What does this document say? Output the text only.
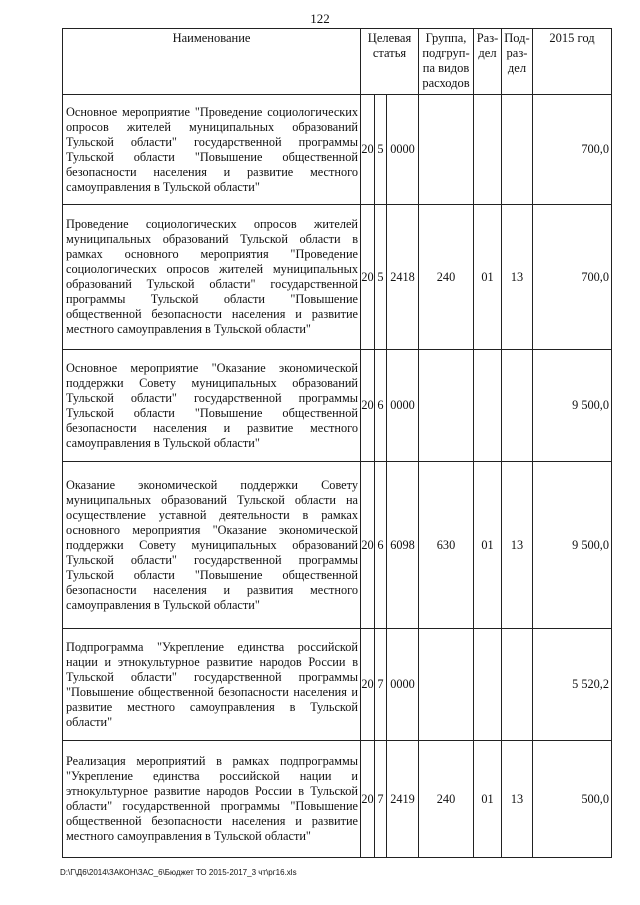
122
Наименование	Целевая статья			Группа, подгруп-па видов расходов	Раз-дел	Под-раз-дел	2015 год
Основное мероприятие "Проведение социологических опросов жителей муниципальных образований Тульской области" государственной программы Тульской области "Повышение общественной безопасности населения и развитие местного самоуправления в Тульской области"	20	5	0000				700,0
Проведение социологических опросов жителей муниципальных образований Тульской области в рамках основного мероприятия "Проведение социологических опросов жителей муниципальных образований Тульской области" государственной программы Тульской области "Повышение общественной безопасности населения и развитие местного самоуправления в Тульской области"	20	5	2418	240	01	13	700,0
Основное мероприятие "Оказание экономической поддержки Совету муниципальных образований Тульской области" государственной программы Тульской области "Повышение общественной безопасности населения и развитие местного самоуправления в Тульской области"	20	6	0000				9 500,0
Оказание экономической поддержки Совету муниципальных образований Тульской области на осуществление уставной деятельности в рамках основного мероприятия "Оказание экономической поддержки Совету муниципальных образований Тульской области" государственной программы Тульской области "Повышение общественной безопасности населения и развития местного самоуправления в Тульской области"	20	6	6098	630	01	13	9 500,0
Подпрограмма "Укрепление единства российской нации и этнокультурное развитие народов России в Тульской области" государственной программы "Повышение общественной безопасности населения и развитие местного самоуправления в Тульской области"	20	7	0000				5 520,2
Реализация мероприятий в рамках подпрограммы "Укрепление единства российской нации и этнокультурное развитие народов России в Тульской области" государственной программы "Повышение общественной безопасности населения и развитие местного самоуправления в Тульской области"	20	7	2419	240	01	13	500,0
D:\Г\Д6\2014\ЗАКОН\ЗАС_6\Бюджет ТО 2015-2017_3 чт\рг16.xls
